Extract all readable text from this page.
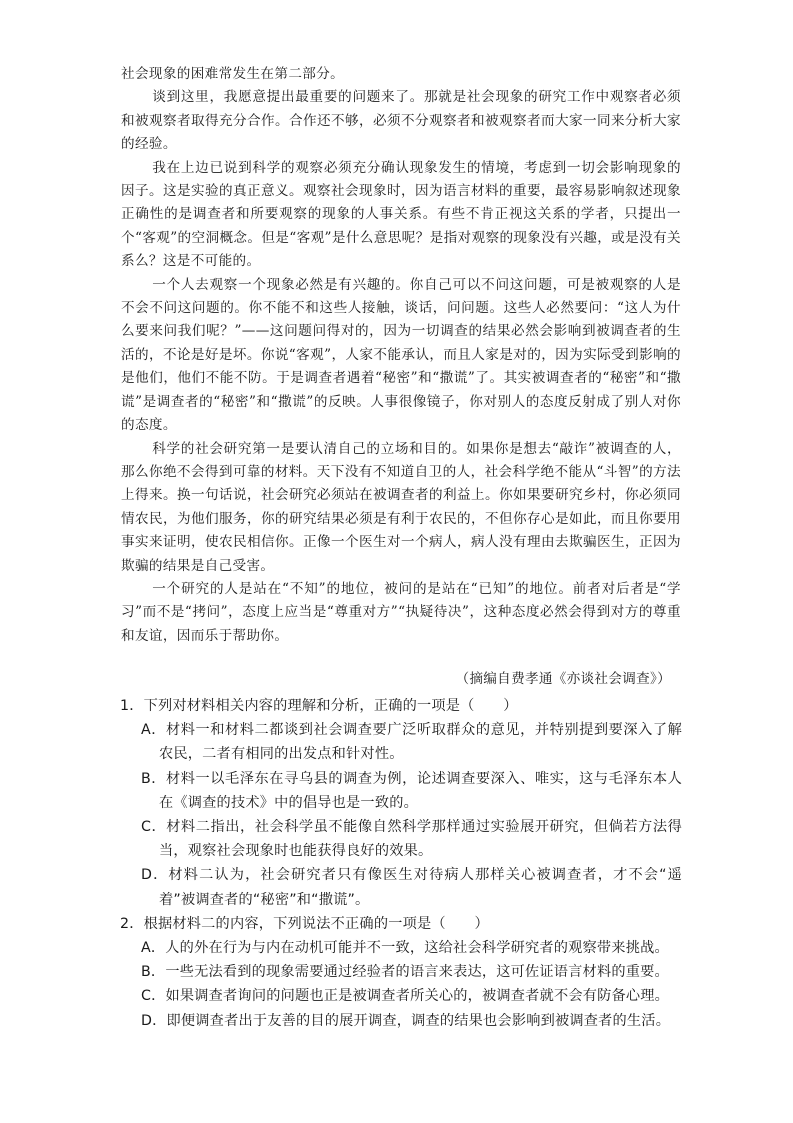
社会现象的困难常发生在第二部分。

谈到这里，我愿意提出最重要的问题来了。那就是社会现象的研究工作中观察者必须和被观察者取得充分合作。合作还不够，必须不分观察者和被观察者而大家一同来分析大家的经验。

我在上边已说到科学的观察必须充分确认现象发生的情境，考虑到一切会影响现象的因子。这是实验的真正意义。观察社会现象时，因为语言材料的重要，最容易影响叙述现象正确性的是调查者和所要观察的现象的人事关系。有些不肯正视这关系的学者，只提出一个“客观”的空洞概念。但是“客观”是什么意思呢？是指对观察的现象没有兴趣，或是没有关系么？这是不可能的。

一个人去观察一个现象必然是有兴趣的。你自己可以不问这问题，可是被观察的人是不会不问这问题的。你不能不和这些人接触，谈话，问问题。这些人必然要问：“这人为什么要来问我们呢？”——这问题问得对的，因为一切调查的结果必然会影响到被调查者的生活的，不论是好是坏。你说“客观”，人家不能承认，而且人家是对的，因为实际受到影响的是他们，他们不能不防。于是调查者遇着“秘密”和“撒谎”了。其实被调查者的“秘密”和“撒谎”是调查者的“秘密”和“撒谎”的反映。人事很像镜子，你对别人的态度反射成了别人对你的态度。

科学的社会研究第一是要认清自己的立场和目的。如果你是想去“敲诈”被调查的人，那么你绝不会得到可靠的材料。天下没有不知道自卫的人，社会科学绝不能从“斗智”的方法上得来。换一句话说，社会研究必须站在被调查者的利益上。你如果要研究乡村，你必须同情农民，为他们服务，你的研究结果必须是有利于农民的，不但你存心是如此，而且你要用事实来证明，使农民相信你。正像一个医生对一个病人，病人没有理由去欺骗医生，正因为欺骗的结果是自己受害。

一个研究的人是站在“不知”的地位，被问的是站在“已知”的地位。前者对后者是“学习”而不是“拷问”，态度上应当是“尊重对方”“执疑待决”，这种态度必然会得到对方的尊重和友谊，因而乐于帮助你。

（摘编自费孝通《亦谈社会调查》）

1．下列对材料相关内容的理解和分析，正确的一项是（　　）

A．材料一和材料二都谈到社会调查要广泛听取群众的意见，并特别提到要深入了解农民，二者有相同的出发点和针对性。

B．材料一以毛泽东在寻乌县的调查为例，论述调查要深入、唯实，这与毛泽东本人在《调查的技术》中的倡导也是一致的。

C．材料二指出，社会科学虽不能像自然科学那样通过实验展开研究，但倘若方法得当，观察社会现象时也能获得良好的效果。

D．材料二认为，社会研究者只有像医生对待病人那样关心被调查者，才不会“遥着”被调查者的“秘密”和“撒谎”。

2．根据材料二的内容，下列说法不正确的一项是（　　）

A．人的外在行为与内在动机可能并不一致，这给社会科学研究者的观察带来挑战。

B．一些无法看到的现象需要通过经验者的语言来表达，这可佐证语言材料的重要。

C．如果调查者询问的问题也正是被调查者所关心的，被调查者就不会有防备心理。

D．即便调查者出于友善的目的展开调查，调查的结果也会影响到被调查者的生活。
